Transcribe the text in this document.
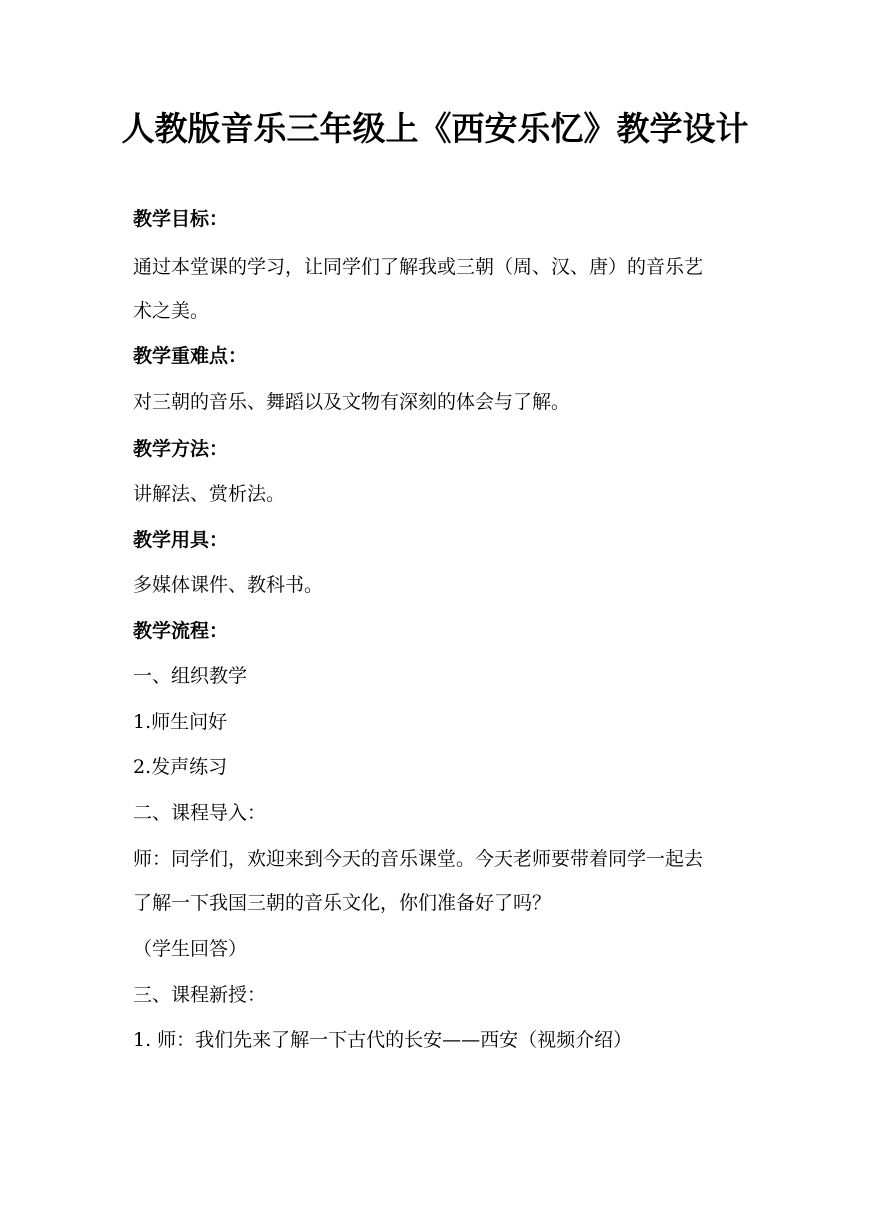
人教版音乐三年级上《西安乐忆》教学设计
教学目标：
通过本堂课的学习，让同学们了解我或三朝（周、汉、唐）的音乐艺
术之美。
教学重难点：
对三朝的音乐、舞蹈以及文物有深刻的体会与了解。
教学方法：
讲解法、赏析法。
教学用具：
多媒体课件、教科书。
教学流程：
一、组织教学
1.师生问好
2.发声练习
二、课程导入：
师：同学们，欢迎来到今天的音乐课堂。今天老师要带着同学一起去
了解一下我国三朝的音乐文化，你们准备好了吗？
（学生回答）
三、课程新授：
1. 师：我们先来了解一下古代的长安——西安（视频介绍）
